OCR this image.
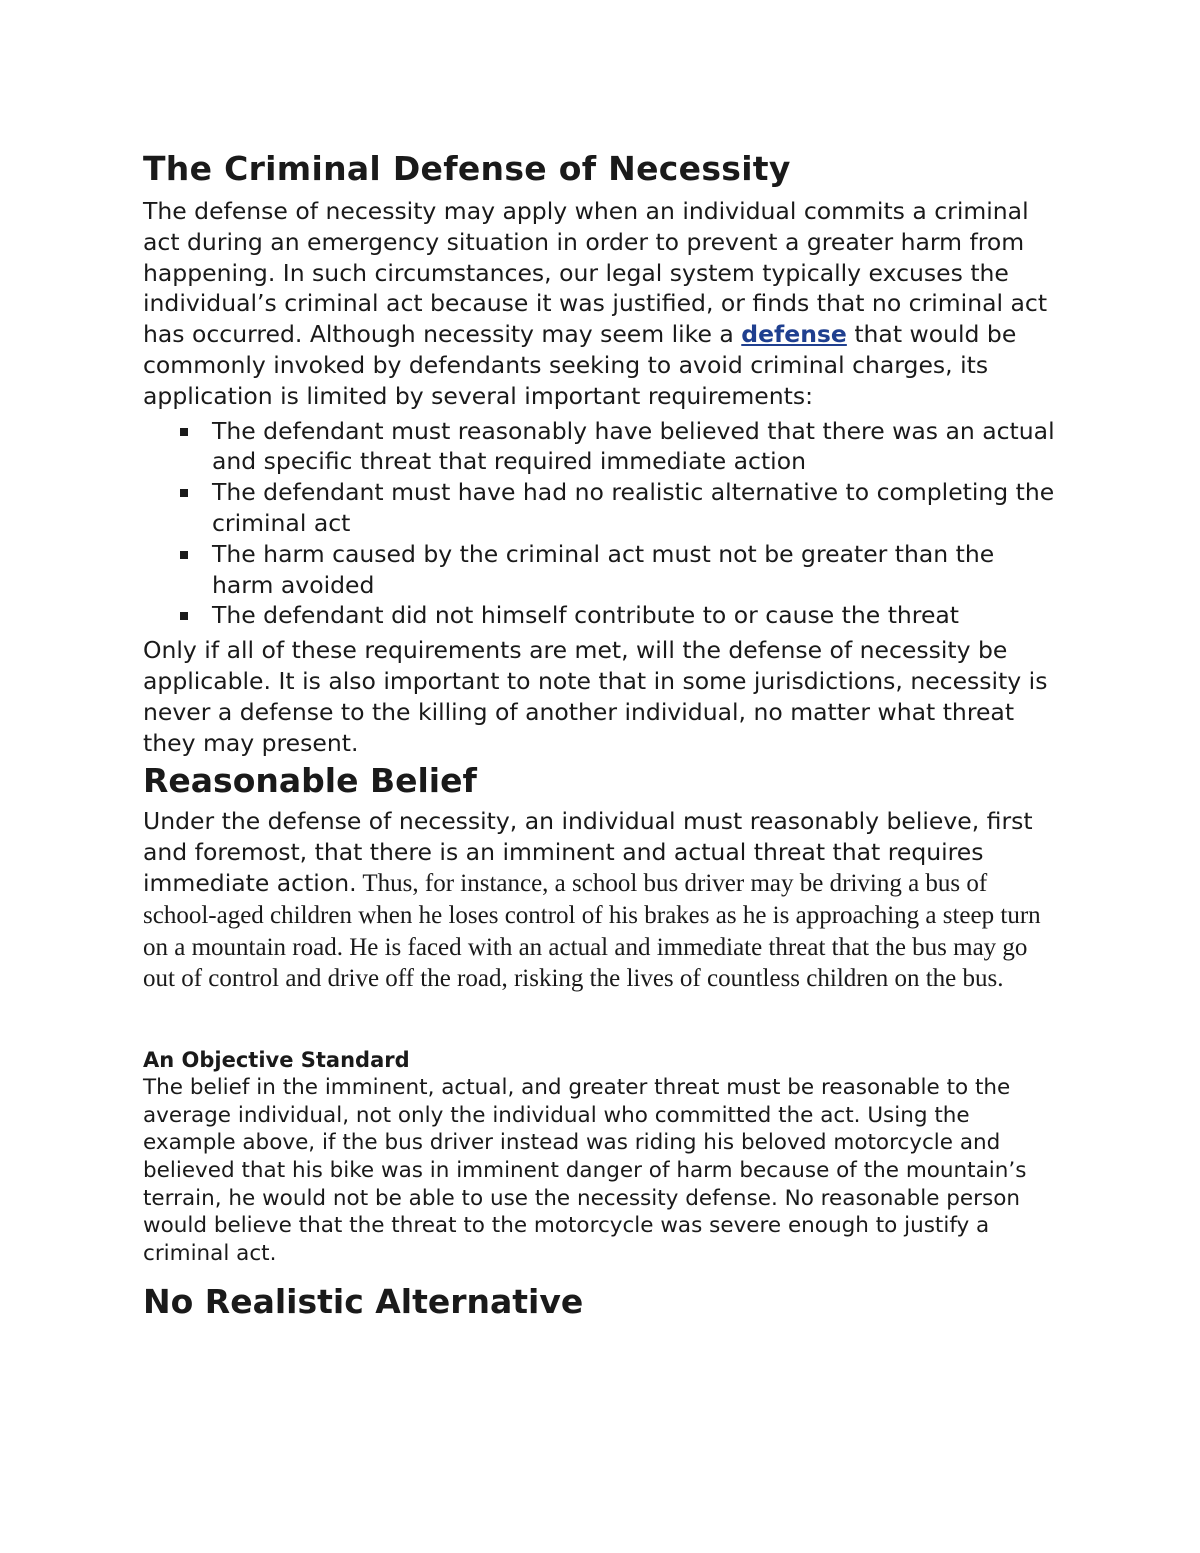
The Criminal Defense of Necessity

The defense of necessity may apply when an individual commits a criminal act during an emergency situation in order to prevent a greater harm from happening. In such circumstances, our legal system typically excuses the individual’s criminal act because it was justified, or finds that no criminal act has occurred. Although necessity may seem like a defense that would be commonly invoked by defendants seeking to avoid criminal charges, its application is limited by several important requirements:

The defendant must reasonably have believed that there was an actual and specific threat that required immediate action
The defendant must have had no realistic alternative to completing the criminal act
The harm caused by the criminal act must not be greater than the harm avoided
The defendant did not himself contribute to or cause the threat

Only if all of these requirements are met, will the defense of necessity be applicable. It is also important to note that in some jurisdictions, necessity is never a defense to the killing of another individual, no matter what threat they may present.

Reasonable Belief

Under the defense of necessity, an individual must reasonably believe, first and foremost, that there is an imminent and actual threat that requires immediate action. Thus, for instance, a school bus driver may be driving a bus of school-aged children when he loses control of his brakes as he is approaching a steep turn on a mountain road. He is faced with an actual and immediate threat that the bus may go out of control and drive off the road, risking the lives of countless children on the bus.

An Objective Standard

The belief in the imminent, actual, and greater threat must be reasonable to the average individual, not only the individual who committed the act. Using the example above, if the bus driver instead was riding his beloved motorcycle and believed that his bike was in imminent danger of harm because of the mountain’s terrain, he would not be able to use the necessity defense. No reasonable person would believe that the threat to the motorcycle was severe enough to justify a criminal act.

No Realistic Alternative
